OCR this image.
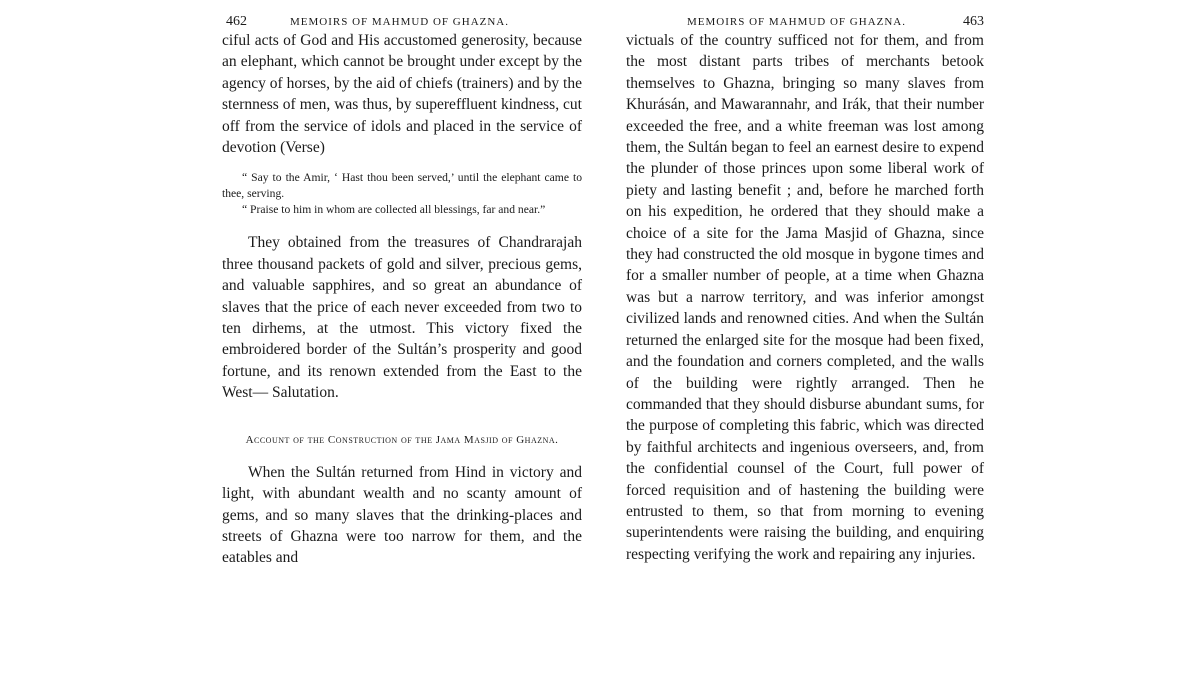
462	MEMOIRS OF MAHMUD OF GHAZNA.

ciful acts of God and His accustomed generosity, because an elephant, which cannot be brought under except by the agency of horses, by the aid of chiefs (trainers) and by the sternness of men, was thus, by supereffluent kindness, cut off from the service of idols and placed in the service of devotion (Verse)

“ Say to the Amir, ‘ Hast thou been served,’ until the elephant came to thee, serving.
“ Praise to him in whom are collected all blessings, far and near.”

They obtained from the treasures of Chandrarajah three thousand packets of gold and silver, precious gems, and valuable sapphires, and so great an abundance of slaves that the price of each never exceeded from two to ten dirhems, at the utmost. This victory fixed the embroidered border of the Sultán’s prosperity and good fortune, and its renown extended from the East to the West— Salutation.

Account of the Construction of the Jama Masjid of Ghazna.

When the Sultán returned from Hind in victory and light, with abundant wealth and no scanty amount of gems, and so many slaves that the drinking-places and streets of Ghazna were too narrow for them, and the eatables and

MEMOIRS OF MAHMUD OF GHAZNA.	463

victuals of the country sufficed not for them, and from the most distant parts tribes of merchants betook themselves to Ghazna, bringing so many slaves from Khurásán, and Mawarannahr, and Irák, that their number exceeded the free, and a white freeman was lost among them, the Sultán began to feel an earnest desire to expend the plunder of those princes upon some liberal work of piety and lasting benefit ; and, before he marched forth on his expedition, he ordered that they should make a choice of a site for the Jama Masjid of Ghazna, since they had constructed the old mosque in bygone times and for a smaller number of people, at a time when Ghazna was but a narrow territory, and was inferior amongst civilized lands and renowned cities. And when the Sultán returned the enlarged site for the mosque had been fixed, and the foundation and corners completed, and the walls of the building were rightly arranged. Then he commanded that they should disburse abundant sums, for the purpose of completing this fabric, which was directed by faithful architects and ingenious overseers, and, from the confidential counsel of the Court, full power of forced requisition and of hastening the building were entrusted to them, so that from morning to evening superintendents were raising the building, and enquiring respecting verifying the work and repairing any injuries.
